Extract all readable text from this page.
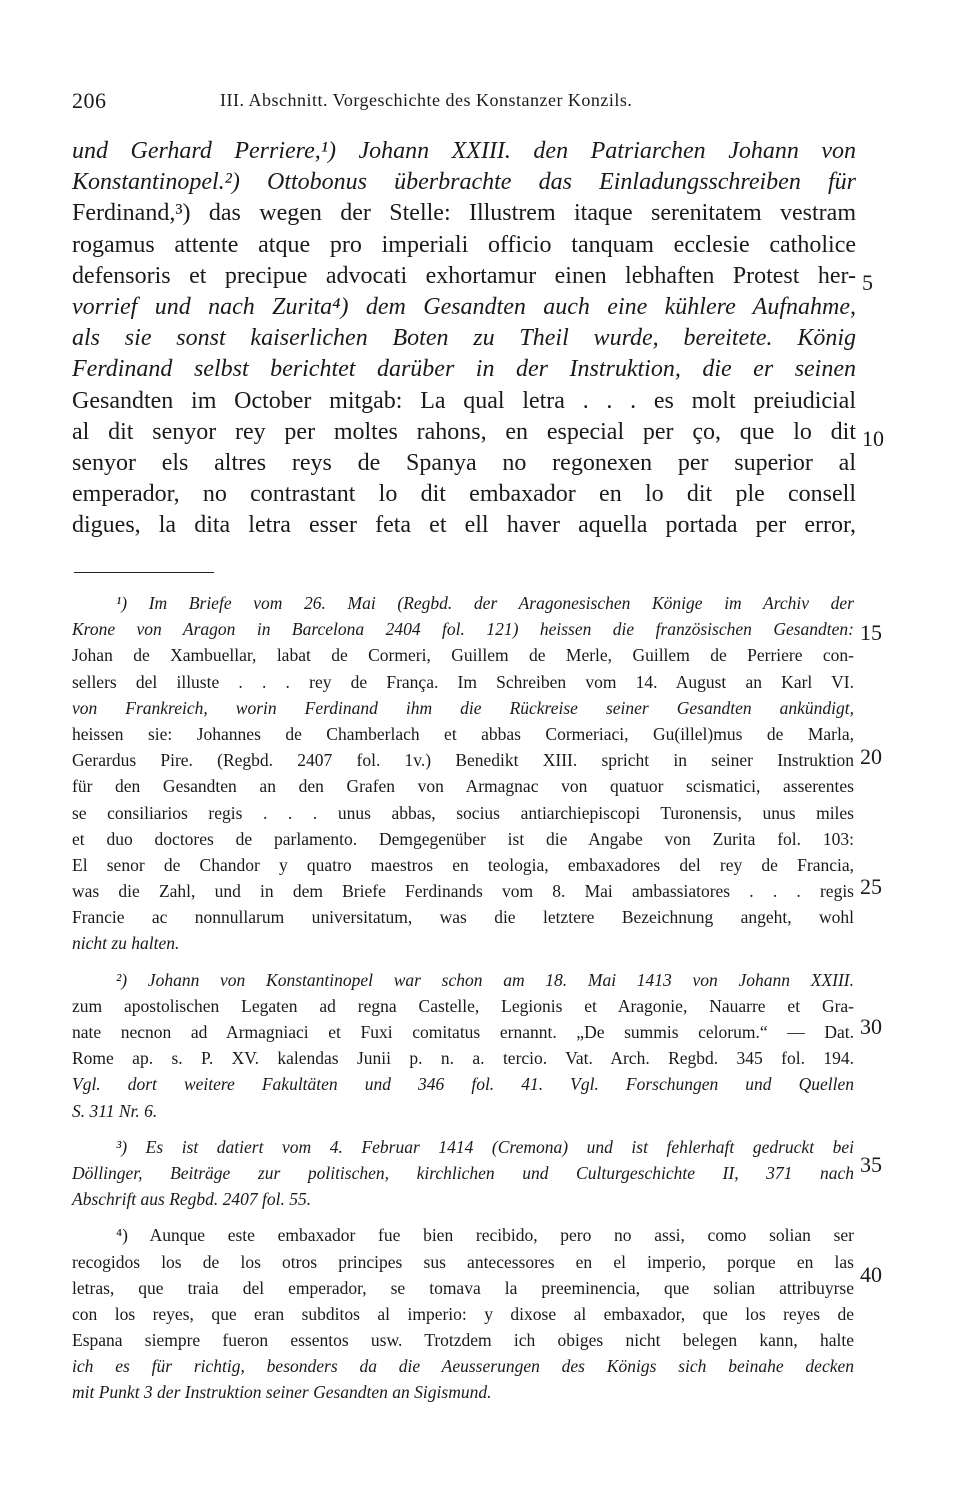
206	III. Abschnitt. Vorgeschichte des Konstanzer Konzils.
und Gerhard Perriere,¹) Johann XXIII. den Patriarchen Johann von
Konstantinopel.²) Ottobonus überbrachte das Einladungsschreiben für
Ferdinand,³) das wegen der Stelle: Illustrem itaque serenitatem vestram
rogamus attente atque pro imperiali officio tanquam ecclesie catholice
defensoris et precipue advocati exhortamur einen lebhaften Protest her-
vorrief und nach Zurita⁴) dem Gesandten auch eine kühlere Aufnahme,
als sie sonst kaiserlichen Boten zu Theil wurde, bereitete. König
Ferdinand selbst berichtet darüber in der Instruktion, die er seinen
Gesandten im October mitgab: La qual letra . . . es molt preiudicial
al dit senyor rey per moltes rahons, en especial per ço, que lo dit
senyor els altres reys de Spanya no regonexen per superior al
emperador, no contrastant lo dit embaxador en lo dit ple consell
digues, la dita letra esser feta et ell haver aquella portada per error,
5
10
¹) Im Briefe vom 26. Mai (Regbd. der Aragonesischen Könige im Archiv der
Krone von Aragon in Barcelona 2404 fol. 121) heissen die französischen Gesandten:
Johan de Xambuellar, labat de Cormeri, Guillem de Merle, Guillem de Perriere con-
sellers del illuste . . . rey de França. Im Schreiben vom 14. August an Karl VI.
von Frankreich, worin Ferdinand ihm die Rückreise seiner Gesandten ankündigt,
heissen sie: Johannes de Chamberlach et abbas Cormeriaci, Gu(illel)mus de Marla,
Gerardus Pire. (Regbd. 2407 fol. 1v.) Benedikt XIII. spricht in seiner Instruktion
für den Gesandten an den Grafen von Armagnac von quatuor scismatici, asserentes
se consiliarios regis . . . unus abbas, socius antiarchiepiscopi Turonensis, unus miles
et duo doctores de parlamento. Demgegenüber ist die Angabe von Zurita fol. 103:
El senor de Chandor y quatro maestros en teologia, embaxadores del rey de Francia,
was die Zahl, und in dem Briefe Ferdinands vom 8. Mai ambassiatores . . . regis
Francie ac nonnullarum universitatum, was die letztere Bezeichnung angeht, wohl
nicht zu halten.
²) Johann von Konstantinopel war schon am 18. Mai 1413 von Johann XXIII.
zum apostolischen Legaten ad regna Castelle, Legionis et Aragonie, Nauarre et Gra-
nate necnon ad Armagniaci et Fuxi comitatus ernannt. „De summis celorum.“ — Dat.
Rome ap. s. P. XV. kalendas Junii p. n. a. tercio. Vat. Arch. Regbd. 345 fol. 194.
Vgl. dort weitere Fakultäten und 346 fol. 41. Vgl. Forschungen und Quellen
S. 311 Nr. 6.
³) Es ist datiert vom 4. Februar 1414 (Cremona) und ist fehlerhaft gedruckt bei
Döllinger, Beiträge zur politischen, kirchlichen und Culturgeschichte II, 371 nach
Abschrift aus Regbd. 2407 fol. 55.
⁴) Aunque este embaxador fue bien recibido, pero no assi, como solian ser
recogidos los de los otros principes sus antecessores en el imperio, porque en las
letras, que traia del emperador, se tomava la preeminencia, que solian attribuyrse
con los reyes, que eran subditos al imperio: y dixose al embaxador, que los reyes de
Espana siempre fueron essentos usw. Trotzdem ich obiges nicht belegen kann, halte
ich es für richtig, besonders da die Aeusserungen des Königs sich beinahe decken
mit Punkt 3 der Instruktion seiner Gesandten an Sigismund.
15
20
25
30
35
40
